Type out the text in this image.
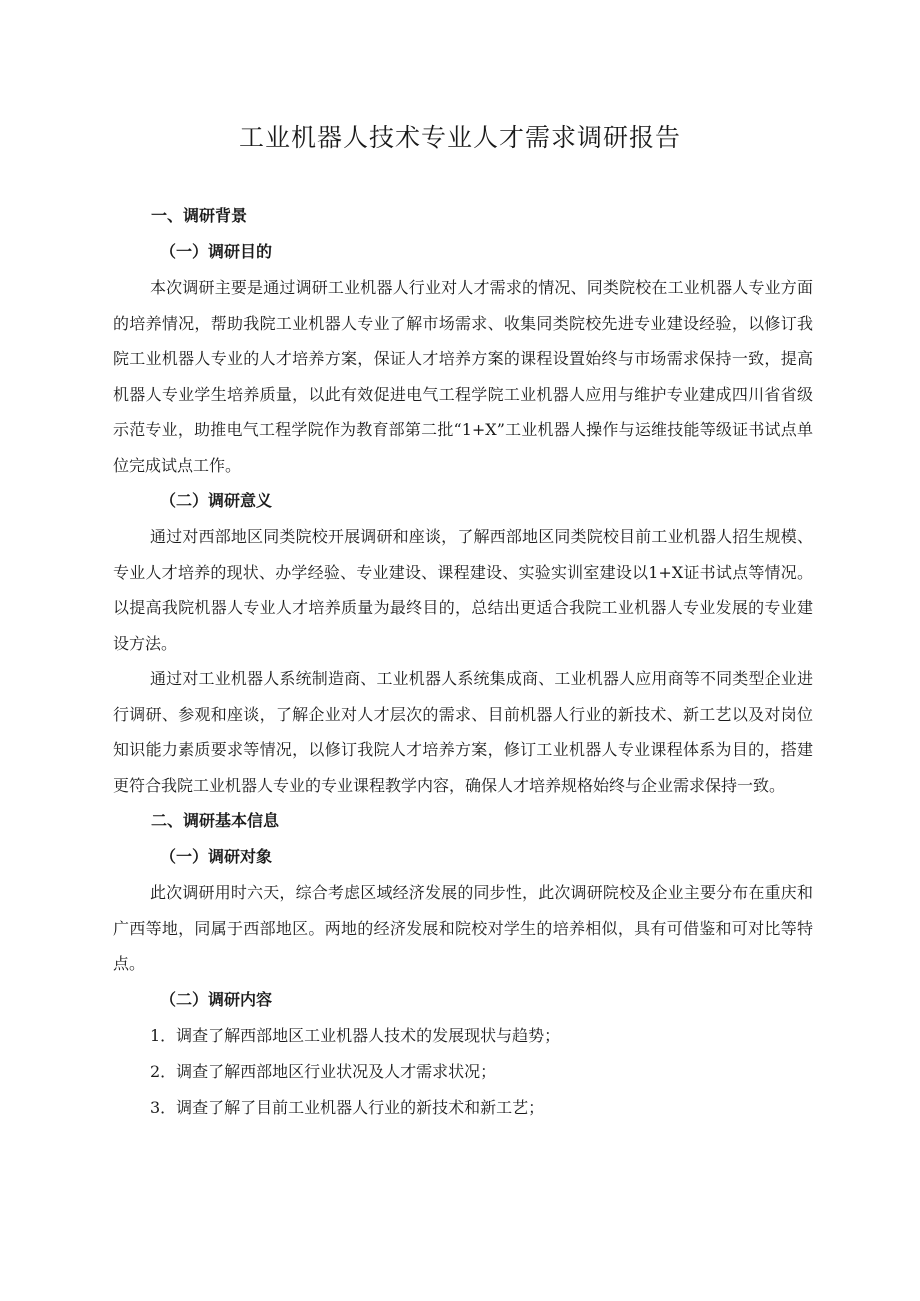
工业机器人技术专业人才需求调研报告

一、调研背景

（一）调研目的

本次调研主要是通过调研工业机器人行业对人才需求的情况、同类院校在工业机器人专业方面的培养情况，帮助我院工业机器人专业了解市场需求、收集同类院校先进专业建设经验，以修订我院工业机器人专业的人才培养方案，保证人才培养方案的课程设置始终与市场需求保持一致，提高机器人专业学生培养质量，以此有效促进电气工程学院工业机器人应用与维护专业建成四川省省级示范专业，助推电气工程学院作为教育部第二批“1+X”工业机器人操作与运维技能等级证书试点单位完成试点工作。

（二）调研意义

通过对西部地区同类院校开展调研和座谈，了解西部地区同类院校目前工业机器人招生规模、专业人才培养的现状、办学经验、专业建设、课程建设、实验实训室建设以1+X证书试点等情况。以提高我院机器人专业人才培养质量为最终目的，总结出更适合我院工业机器人专业发展的专业建设方法。

通过对工业机器人系统制造商、工业机器人系统集成商、工业机器人应用商等不同类型企业进行调研、参观和座谈，了解企业对人才层次的需求、目前机器人行业的新技术、新工艺以及对岗位知识能力素质要求等情况，以修订我院人才培养方案，修订工业机器人专业课程体系为目的，搭建更符合我院工业机器人专业的专业课程教学内容，确保人才培养规格始终与企业需求保持一致。

二、调研基本信息

（一）调研对象

此次调研用时六天，综合考虑区域经济发展的同步性，此次调研院校及企业主要分布在重庆和广西等地，同属于西部地区。两地的经济发展和院校对学生的培养相似，具有可借鉴和可对比等特点。

（二）调研内容

1．调查了解西部地区工业机器人技术的发展现状与趋势；

2．调查了解西部地区行业状况及人才需求状况；

3．调查了解了目前工业机器人行业的新技术和新工艺；
